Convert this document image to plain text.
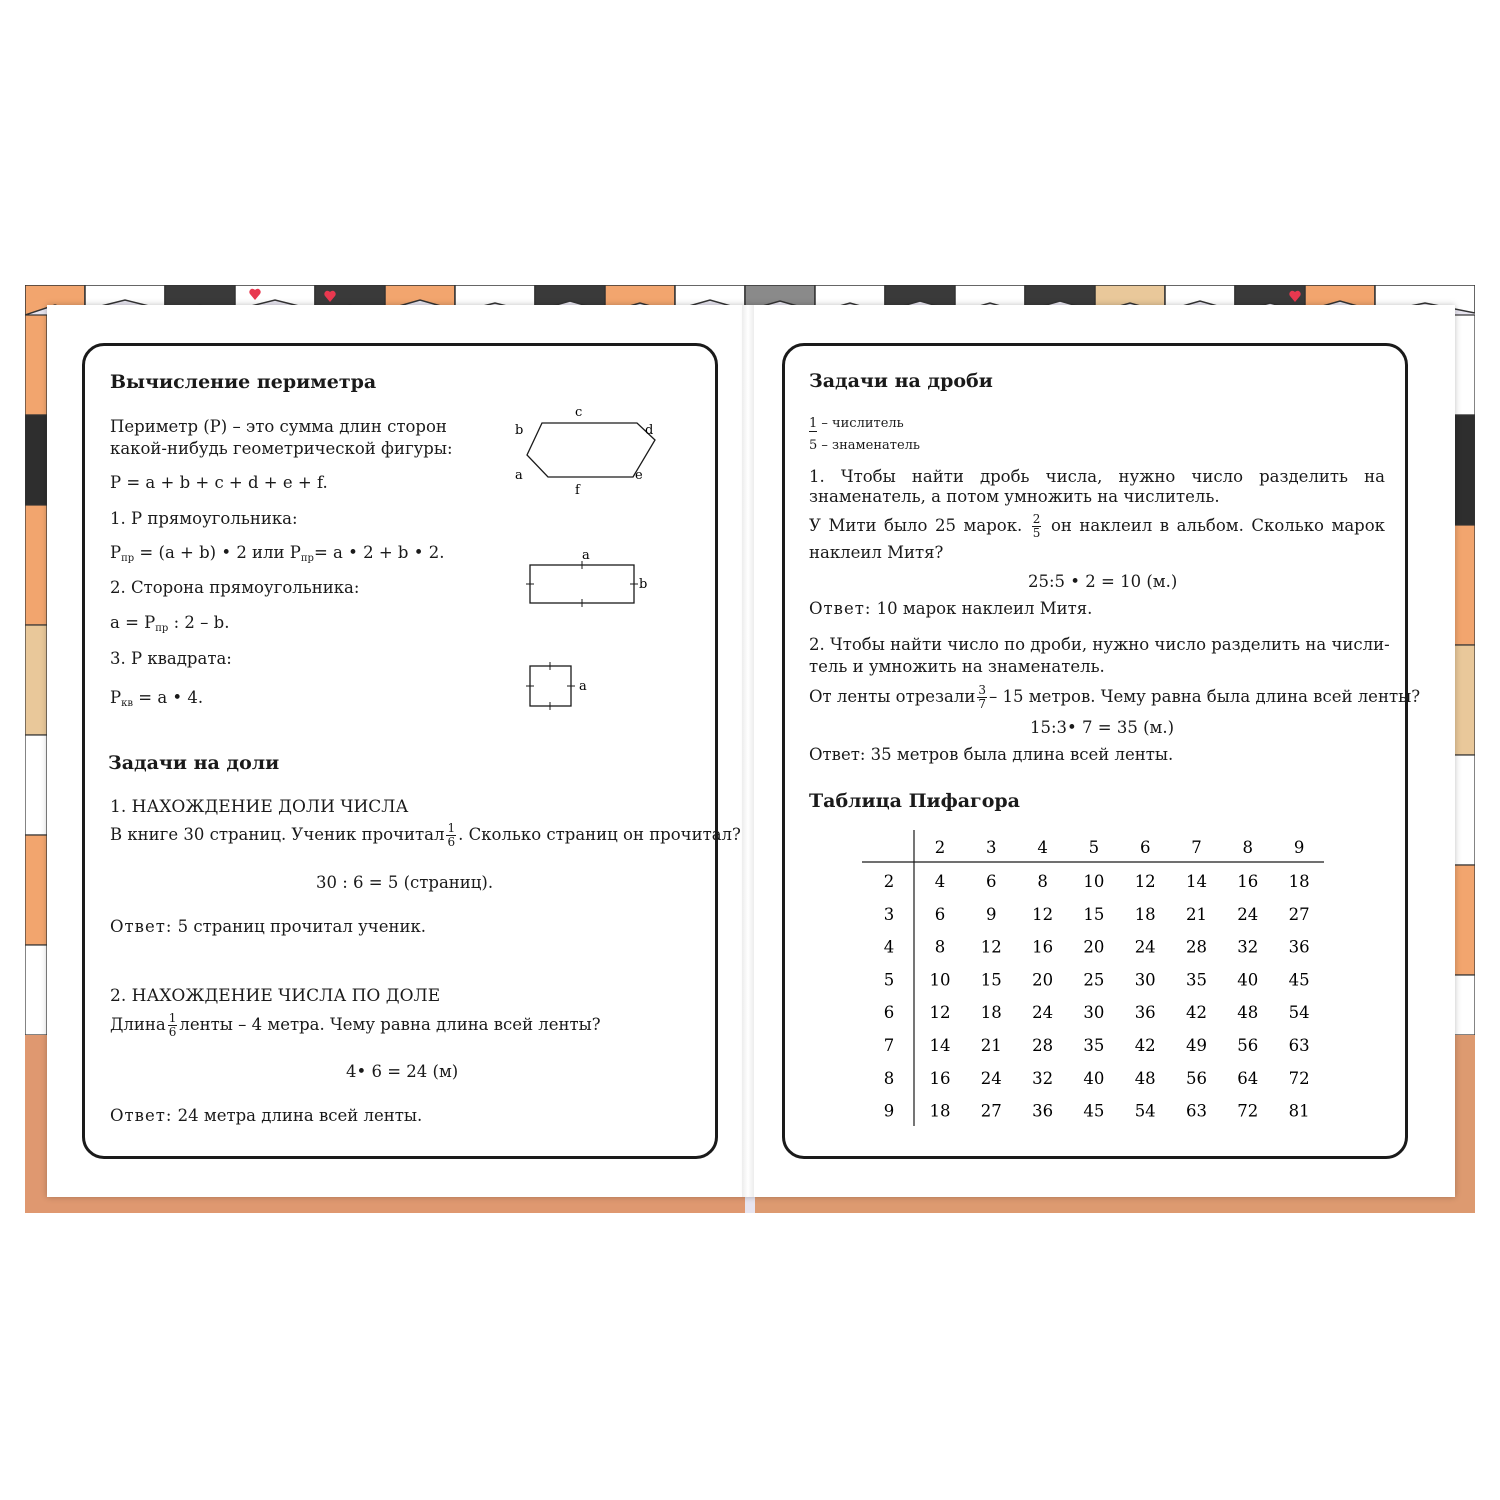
Вычисление периметра
Периметр (P) – это сумма длин сторон
какой-нибудь геометрической фигуры:
P = a + b + c + d + e + f.
1. P прямоугольника:
$P_{пр} = (a + b)$ • 2 или $P_{пр}= a$ • 2 + b • 2.
2. Сторона прямоугольника:
$a = P_{пр}$ : 2 – b.
3. P квадрата:
$P_{кв} = a$ • 4.
c
b	d
a	e
f
a
b
a
Задачи на доли
1. НАХОЖДЕНИЕ ДОЛИ ЧИСЛА
В книге 30 страниц. Ученик прочитал $\frac{1}{6}$ . Сколько страниц он прочитал?
30 : 6 = 5 (страниц).
Ответ: 5 страниц прочитал ученик.
2. НАХОЖДЕНИЕ ЧИСЛА ПО ДОЛЕ
Длина $\frac{1}{6}$ ленты – 4 метра. Чему равна длина всей ленты?
4• 6 = 24 (м)
Ответ: 24 метра длина всей ленты.
Задачи на дроби
1 – числитель
5 – знаменатель
1. Чтобы найти дробь числа, нужно число разделить на знаменатель, а потом умножить на числитель.
У Мити было 25 марок. $\frac{2}{5}$ он наклеил в альбом. Сколько марок наклеил Митя?
25:5 • 2 = 10 (м.)
Ответ: 10 марок наклеил Митя.
2. Чтобы найти число по дроби, нужно число разделить на числи-
тель и умножить на знаменатель.
От ленты отрезали $\frac{3}{7} - 15$ метров. Чему равна была длина всей ленты?
15:3• 7 = 35 (м.)
Ответ: 35 метров была длина всей ленты.
Таблица Пифагора
2 3 4 5 6 7 8 9
2
3
4
5
6
7
8
9
4 6 8 10 12 14 16 18
6 9 12 15 18 21 24 27
8 12 16 20 24 28 32 36
10 15 20 25 30 35 40 45
12 18 24 30 36 42 48 54
14 21 28 35 42 49 56 63
16 24 32 40 48 56 64 72
18 27 36 45 54 63 72 81
